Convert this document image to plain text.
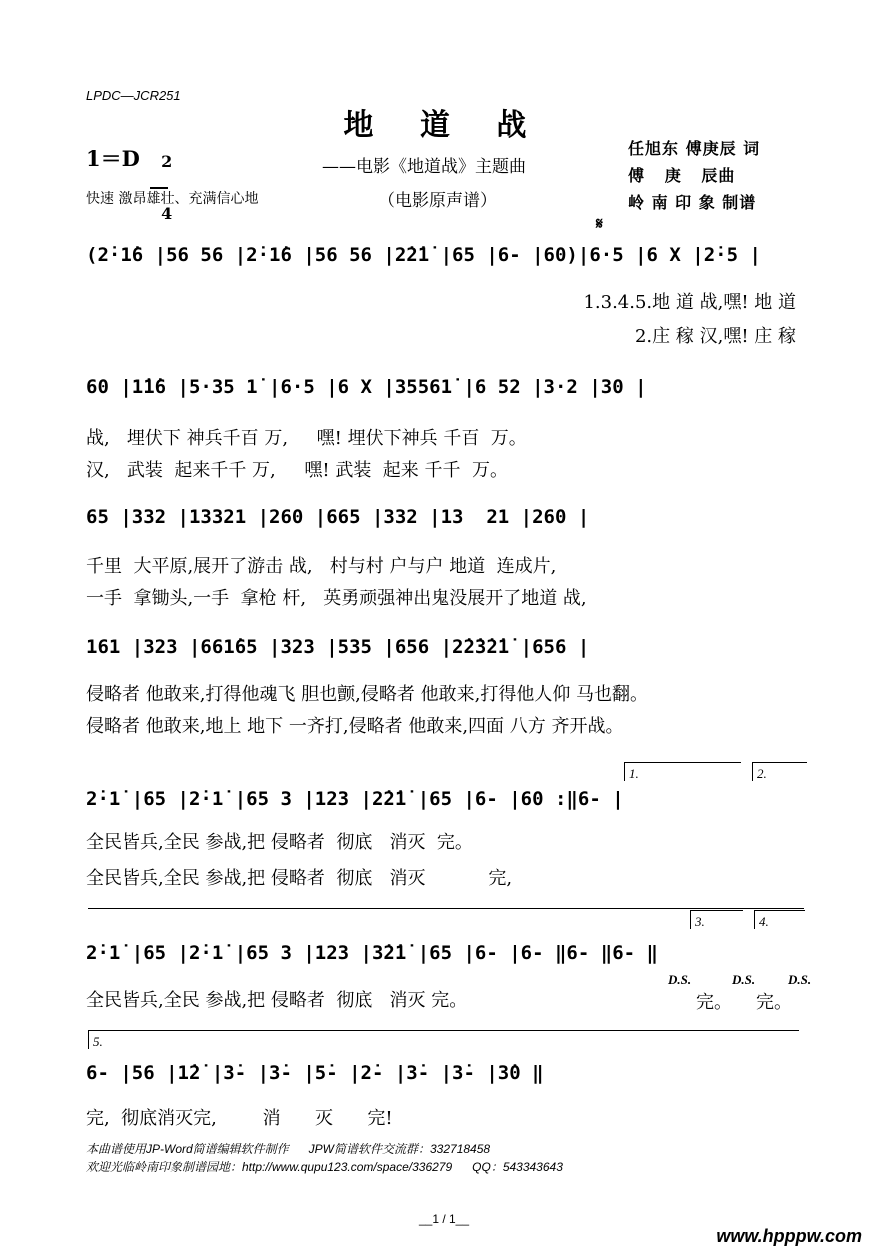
LPDC—JCR251
地 道 战
1＝D	2

4

——电影《地道战》主题曲
（电影原声谱）
快速 激昂雄壮、充满信心地
任旭东 傅庚辰 词
傅   庚   辰曲
岭 南 印 象 制谱
𝄋
(2̇·1̇6 |56 56 |2̇·1̇6 |56 56 |2̇2̇1̇ |65 |6- |60)|6·5 |6 X |2̇·5 |
1.3.4.5.地 道 战,嘿! 地 道
2.庄 稼 汉,嘿! 庄 稼
60 |1̇1̇6 |5·35 1̇ |6·5 |6 X |35561̇ |6 52 |3·2 |30 |
战,   埋伏下 神兵千百 万,     嘿! 埋伏下神兵 千百  万。
汉,   武装  起来千千 万,     嘿! 武装  起来 千千  万。
65 |332 |13321 |260 |665 |332 |13  21 |260 |
千里  大平原,展开了游击 战,   村与村 户与户 地道  连成片,
一手  拿锄头,一手  拿枪 杆,   英勇顽强神出鬼没展开了地道 战,
161 |323 |661̇65 |323 |535 |656 |2̇2̇3̇2̇1̇ |656 |
侵略者 他敢来,打得他魂飞 胆也颤,侵略者 他敢来,打得他人仰 马也翻。
侵略者 他敢来,地上 地下 一齐打,侵略者 他敢来,四面 八方 齐开战。
1.	2.
2̇·1̇ |65 |2̇·1̇ |65 3 |123 |2̇2̇1̇ |65 |6- |60 :‖6- |
全民皆兵,全民 参战,把 侵略者  彻底   消灭  完。
全民皆兵,全民 参战,把 侵略者  彻底   消灭           完,
3.	4.
2̇·1̇ |65 |2̇·1̇ |65 3 |123 |3̇2̇1̇ |65 |6- |6- ‖6- ‖6- ‖
全民皆兵,全民 参战,把 侵略者  彻底   消灭 完。	完。 完。
D.S.	D.S.	D.S.
5.
6- |56 |1̇2̇ |3̇- |3̇- |5̇- |2̇- |3̇- |3̇- |3̇0 ‖
完,  彻底消灭完,        消      灭      完!
本曲谱使用JP-Word简谱编辑软件制作      JPW简谱软件交流群：332718458
欢迎光临岭南印象制谱园地：http://www.qupu123.com/space/336279      QQ：543343643
__1 / 1__
www.hpppw.com
